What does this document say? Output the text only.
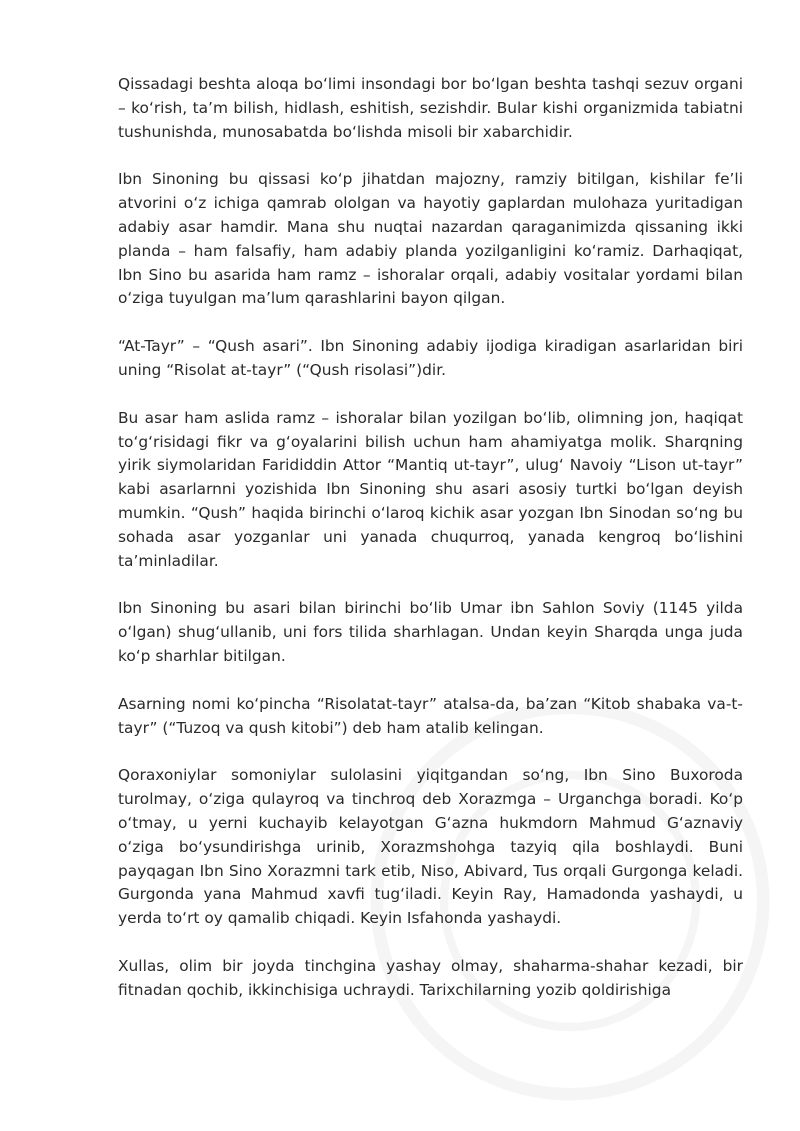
Qissadagi beshta aloqa boʻlimi insondagi bor boʻlgan beshta tashqi sezuv organi – koʻrish, taʼm bilish, hidlash, eshitish, sezishdir. Bular kishi organizmida tabiatni tushunishda, munosabatda boʻlishda misoli bir xabarchidir.

Ibn Sinoning bu qissasi koʻp jihatdan majozny, ramziy bitilgan, kishilar feʼli atvorini oʻz ichiga qamrab ololgan va hayotiy gaplardan mulohaza yuritadigan adabiy asar hamdir. Mana shu nuqtai nazardan qaraganimizda qissaning ikki planda – ham falsafiy, ham adabiy planda yozilganligini koʻramiz. Darhaqiqat, Ibn Sino bu asarida ham ramz – ishoralar orqali, adabiy vositalar yordami bilan oʻziga tuyulgan maʼlum qarashlarini bayon qilgan.

“At-Tayr” – “Qush asari”. Ibn Sinoning adabiy ijodiga kiradigan asarlaridan biri uning “Risolat at-tayr” (“Qush risolasi”)dir.

Bu asar ham aslida ramz – ishoralar bilan yozilgan boʻlib, olimning jon, haqiqat toʻgʻrisidagi fikr va gʻoyalarini bilish uchun ham ahamiyatga molik. Sharqning yirik siymolaridan Farididdin Attor “Mantiq ut-tayr”, ulugʻ Navoiy “Lison ut-tayr” kabi asarlarnni yozishida Ibn Sinoning shu asari asosiy turtki boʻlgan deyish mumkin. “Qush” haqida birinchi oʻlaroq kichik asar yozgan Ibn Sinodan soʻng bu sohada asar yozganlar uni yanada chuqurroq, yanada kengroq boʻlishini taʼminladilar.

Ibn Sinoning bu asari bilan birinchi boʻlib Umar ibn Sahlon Soviy (1145 yilda oʻlgan) shugʻullanib, uni fors tilida sharhlagan. Undan keyin Sharqda unga juda koʻp sharhlar bitilgan.

Asarning nomi koʻpincha “Risolatat-tayr” atalsa-da, baʼzan “Kitob shabaka va-t-tayr” (“Tuzoq va qush kitobi”) deb ham atalib kelingan.

Qoraxoniylar somoniylar sulolasini yiqitgandan soʻng, Ibn Sino Buxoroda turolmay, oʻziga qulayroq va tinchroq deb Xorazmga – Urganchga boradi. Koʻp oʻtmay, u yerni kuchayib kelayotgan Gʻazna hukmdorn Mahmud Gʻaznaviy oʻziga boʻysundirishga urinib, Xorazmshohga tazyiq qila boshlaydi. Buni payqagan Ibn Sino Xorazmni tark etib, Niso, Abivard, Tus orqali Gurgonga keladi. Gurgonda yana Mahmud xavfi tugʻiladi. Keyin Ray, Hamadonda yashaydi, u yerda toʻrt oy qamalib chiqadi. Keyin Isfahonda yashaydi.

Xullas, olim bir joyda tinchgina yashay olmay, shaharma-shahar kezadi, bir fitnadan qochib, ikkinchisiga uchraydi. Tarixchilarning yozib qoldirishiga
